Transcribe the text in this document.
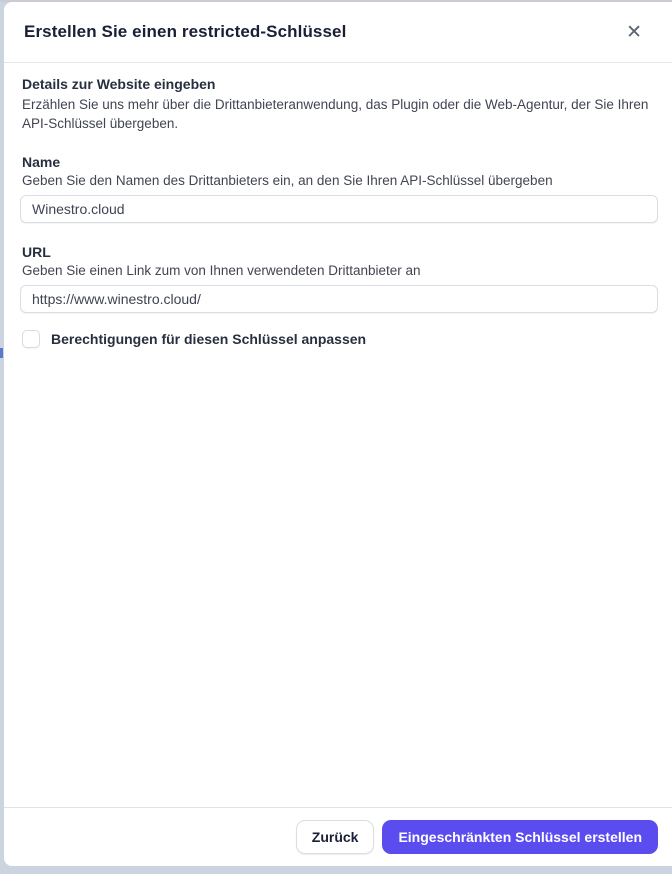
Erstellen Sie einen restricted-Schlüssel	✕
Details zur Website eingeben
Erzählen Sie uns mehr über die Drittanbieteranwendung, das Plugin oder die Web-Agentur, der Sie Ihren API-Schlüssel übergeben.
Name
Geben Sie den Namen des Drittanbieters ein, an den Sie Ihren API-Schlüssel übergeben
Winestro.cloud
URL
Geben Sie einen Link zum von Ihnen verwendeten Drittanbieter an
https://www.winestro.cloud/
Berechtigungen für diesen Schlüssel anpassen
Zurück	Eingeschränkten Schlüssel erstellen
